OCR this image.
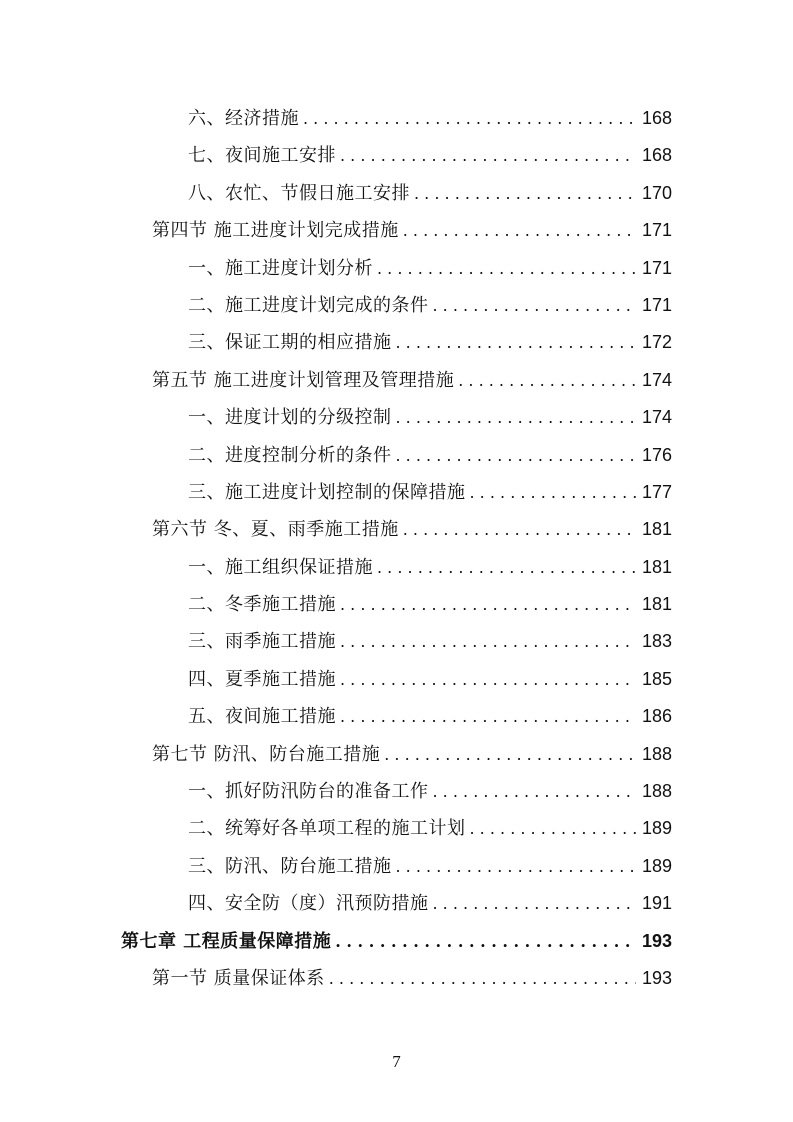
六、经济措施 . . .	168
七、夜间施工安排 . . .	168
八、农忙、节假日施工安排 . . .	170
第四节 施工进度计划完成措施 . . .	171
一、施工进度计划分析 . . .	171
二、施工进度计划完成的条件 . . .	171
三、保证工期的相应措施 . . .	172
第五节 施工进度计划管理及管理措施 . . .	174
一、进度计划的分级控制 . . .	174
二、进度控制分析的条件 . . .	176
三、施工进度计划控制的保障措施 . . .	177
第六节 冬、夏、雨季施工措施 . . .	181
一、施工组织保证措施 . . .	181
二、冬季施工措施 . . .	181
三、雨季施工措施 . . .	183
四、夏季施工措施 . . .	185
五、夜间施工措施 . . .	186
第七节 防汛、防台施工措施 . . .	188
一、抓好防汛防台的准备工作 . . .	188
二、统筹好各单项工程的施工计划 . . .	189
三、防汛、防台施工措施 . . .	189
四、安全防（度）汛预防措施 . . .	191
第七章 工程质量保障措施 . . .	193
第一节 质量保证体系 . . .	193
7
